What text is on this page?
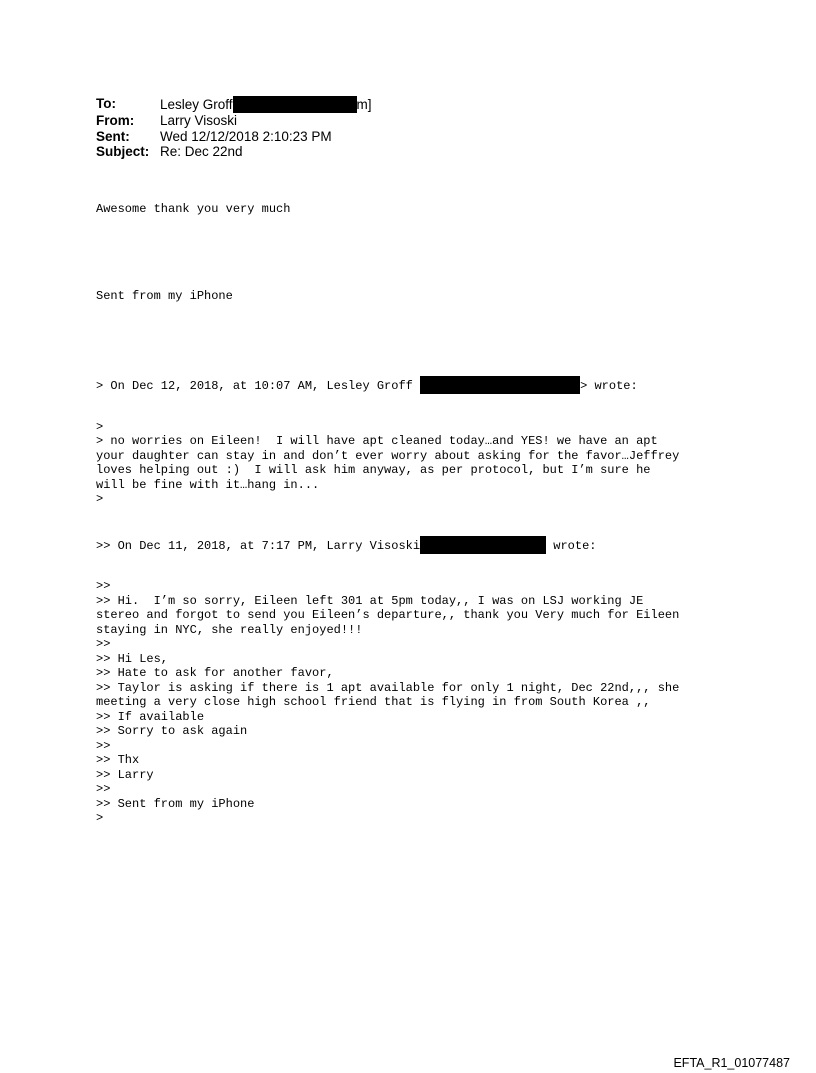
To:	Lesley Groff	m]
From:	Larry Visoski
Sent:	Wed 12/12/2018 2:10:23 PM
Subject: Re: Dec 22nd

Awesome thank you very much

Sent from my iPhone

> On Dec 12, 2018, at 10:07 AM, Lesley Groff	> wrote:

>
> no worries on Eileen!  I will have apt cleaned today…and YES! we have an apt
your daughter can stay in and don’t ever worry about asking for the favor…Jeffrey
loves helping out :)  I will ask him anyway, as per protocol, but I’m sure he
will be fine with it…hang in...
>

>> On Dec 11, 2018, at 7:17 PM, Larry Visoski	wrote:

>>
>> Hi.  I’m so sorry, Eileen left 301 at 5pm today,, I was on LSJ working JE
stereo and forgot to send you Eileen’s departure,, thank you Very much for Eileen
staying in NYC, she really enjoyed!!!
>>
>> Hi Les,
>> Hate to ask for another favor,
>> Taylor is asking if there is 1 apt available for only 1 night, Dec 22nd,,, she
meeting a very close high school friend that is flying in from South Korea ,,
>> If available
>> Sorry to ask again
>>
>> Thx
>> Larry
>>
>> Sent from my iPhone
>

EFTA_R1_01077487
